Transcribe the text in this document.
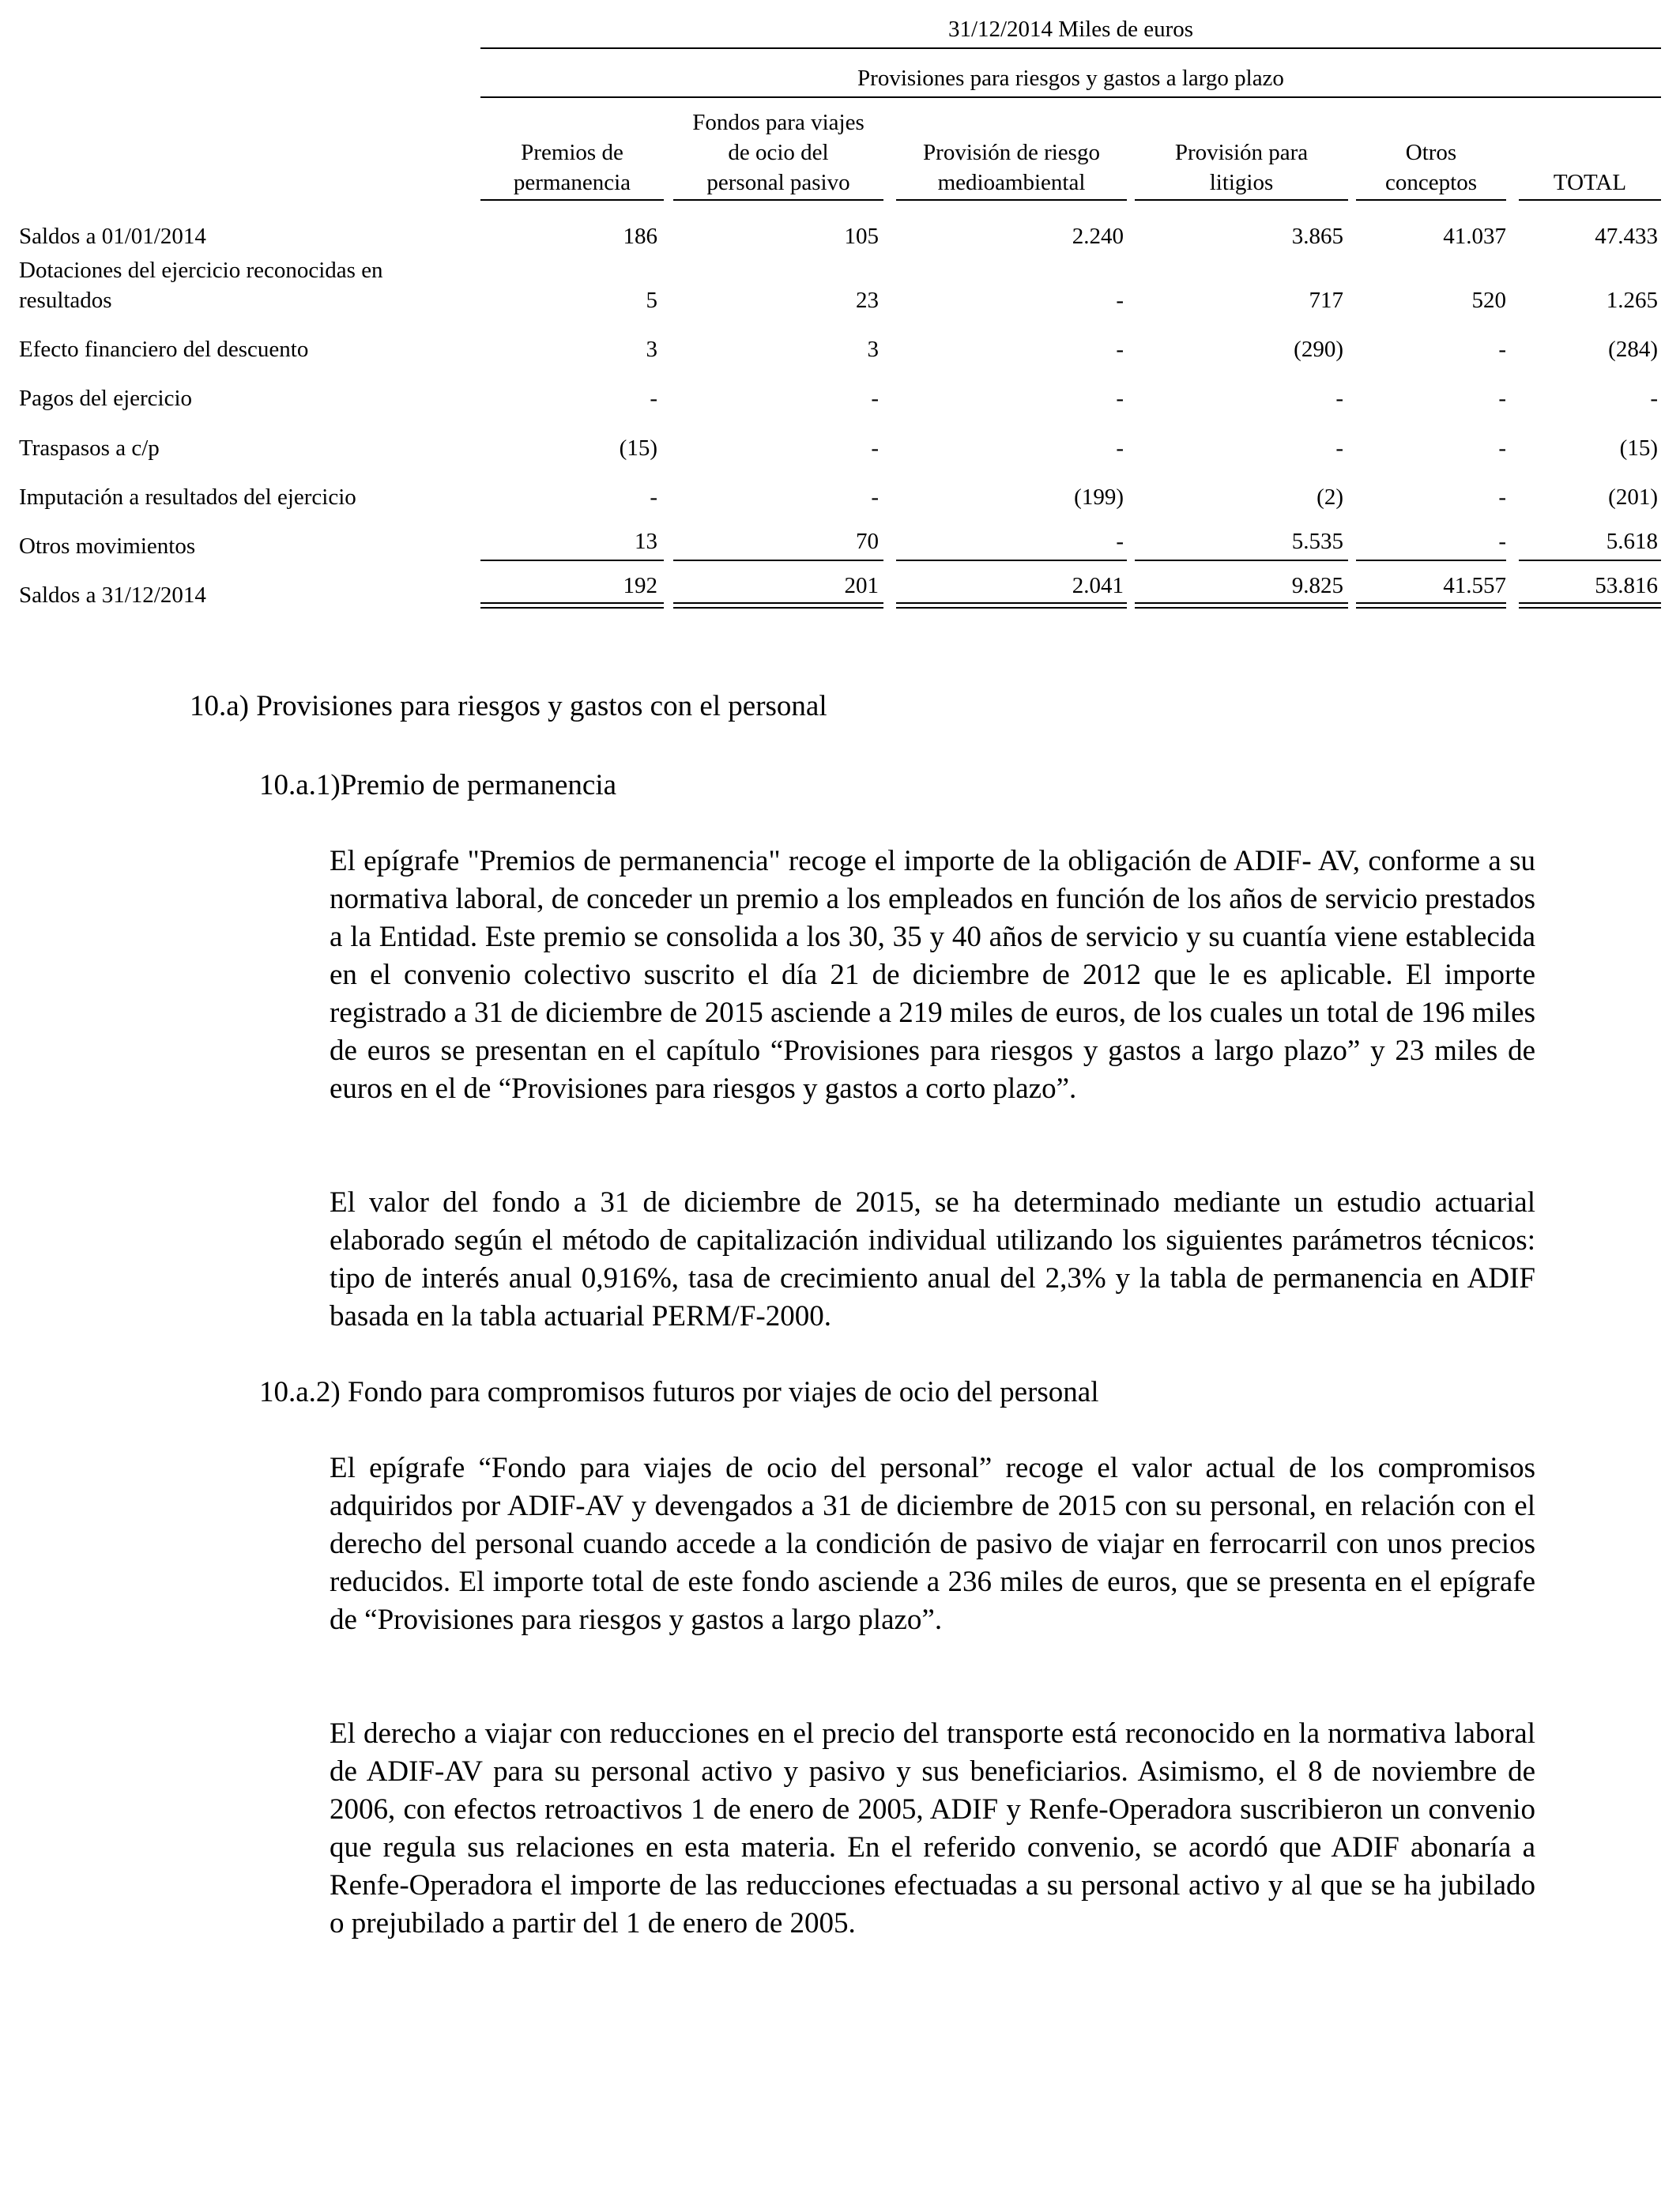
31/12/2014 Miles de euros
Provisiones para riesgos y gastos a largo plazo
Premios de
permanencia
Fondos para viajes
de ocio del
personal pasivo
Provisión de riesgo
medioambiental
Provisión para
litigios
Otros
conceptos	TOTAL
Saldos a 01/01/2014	186	105	2.240	3.865	41.037	47.433
Dotaciones del ejercicio reconocidas en
resultados	5	23	-	717	520	1.265
Efecto financiero del descuento	3	3	-	(290)	-	(284)
Pagos del ejercicio	-	-	-	-	-	-
Traspasos a c/p	(15)	-	-	-	-	(15)
Imputación a resultados del ejercicio	-	-	(199)	(2)	-	(201)
Otros movimientos	13	70	-	5.535	-	5.618
Saldos a 31/12/2014	192	201	2.041	9.825	41.557	53.816
10.a) Provisiones para riesgos y gastos con el personal
10.a.1)Premio de permanencia

El epígrafe "Premios de permanencia" recoge el importe de la obligación de ADIF- AV, conforme a su normativa laboral, de conceder un premio a los empleados en función de los años de servicio prestados a la Entidad. Este premio se consolida a los 30, 35 y 40 años de servicio y su cuantía viene establecida en el convenio colectivo suscrito el día 21 de diciembre de 2012 que le es aplicable. El importe registrado a 31 de diciembre de 2015 asciende a 219 miles de euros, de los cuales un total de 196 miles de euros se presentan en el capítulo “Provisiones para riesgos y gastos a largo plazo” y 23 miles de euros en el de “Provisiones para riesgos y gastos a corto plazo”.

El valor del fondo a 31 de diciembre de 2015, se ha determinado mediante un estudio actuarial elaborado según el método de capitalización individual utilizando los siguientes parámetros técnicos: tipo de interés anual 0,916%, tasa de crecimiento anual del 2,3% y la tabla de permanencia en ADIF basada en la tabla actuarial PERM/F-2000.

10.a.2) Fondo para compromisos futuros por viajes de ocio del personal

El epígrafe “Fondo para viajes de ocio del personal” recoge el valor actual de los compromisos adquiridos por ADIF-AV y devengados a 31 de diciembre de 2015 con su personal, en relación con el derecho del personal cuando accede a la condición de pasivo de viajar en ferrocarril con unos precios reducidos. El importe total de este fondo asciende a 236 miles de euros, que se presenta en el epígrafe de “Provisiones para riesgos y gastos a largo plazo”.

El derecho a viajar con reducciones en el precio del transporte está reconocido en la normativa laboral de ADIF-AV para su personal activo y pasivo y sus beneficiarios. Asimismo, el 8 de noviembre de 2006, con efectos retroactivos 1 de enero de 2005, ADIF y Renfe-Operadora suscribieron un convenio que regula sus relaciones en esta materia. En el referido convenio, se acordó que ADIF abonaría a Renfe-Operadora el importe de las reducciones efectuadas a su personal activo y al que se ha jubilado o prejubilado a partir del 1 de enero de 2005.
